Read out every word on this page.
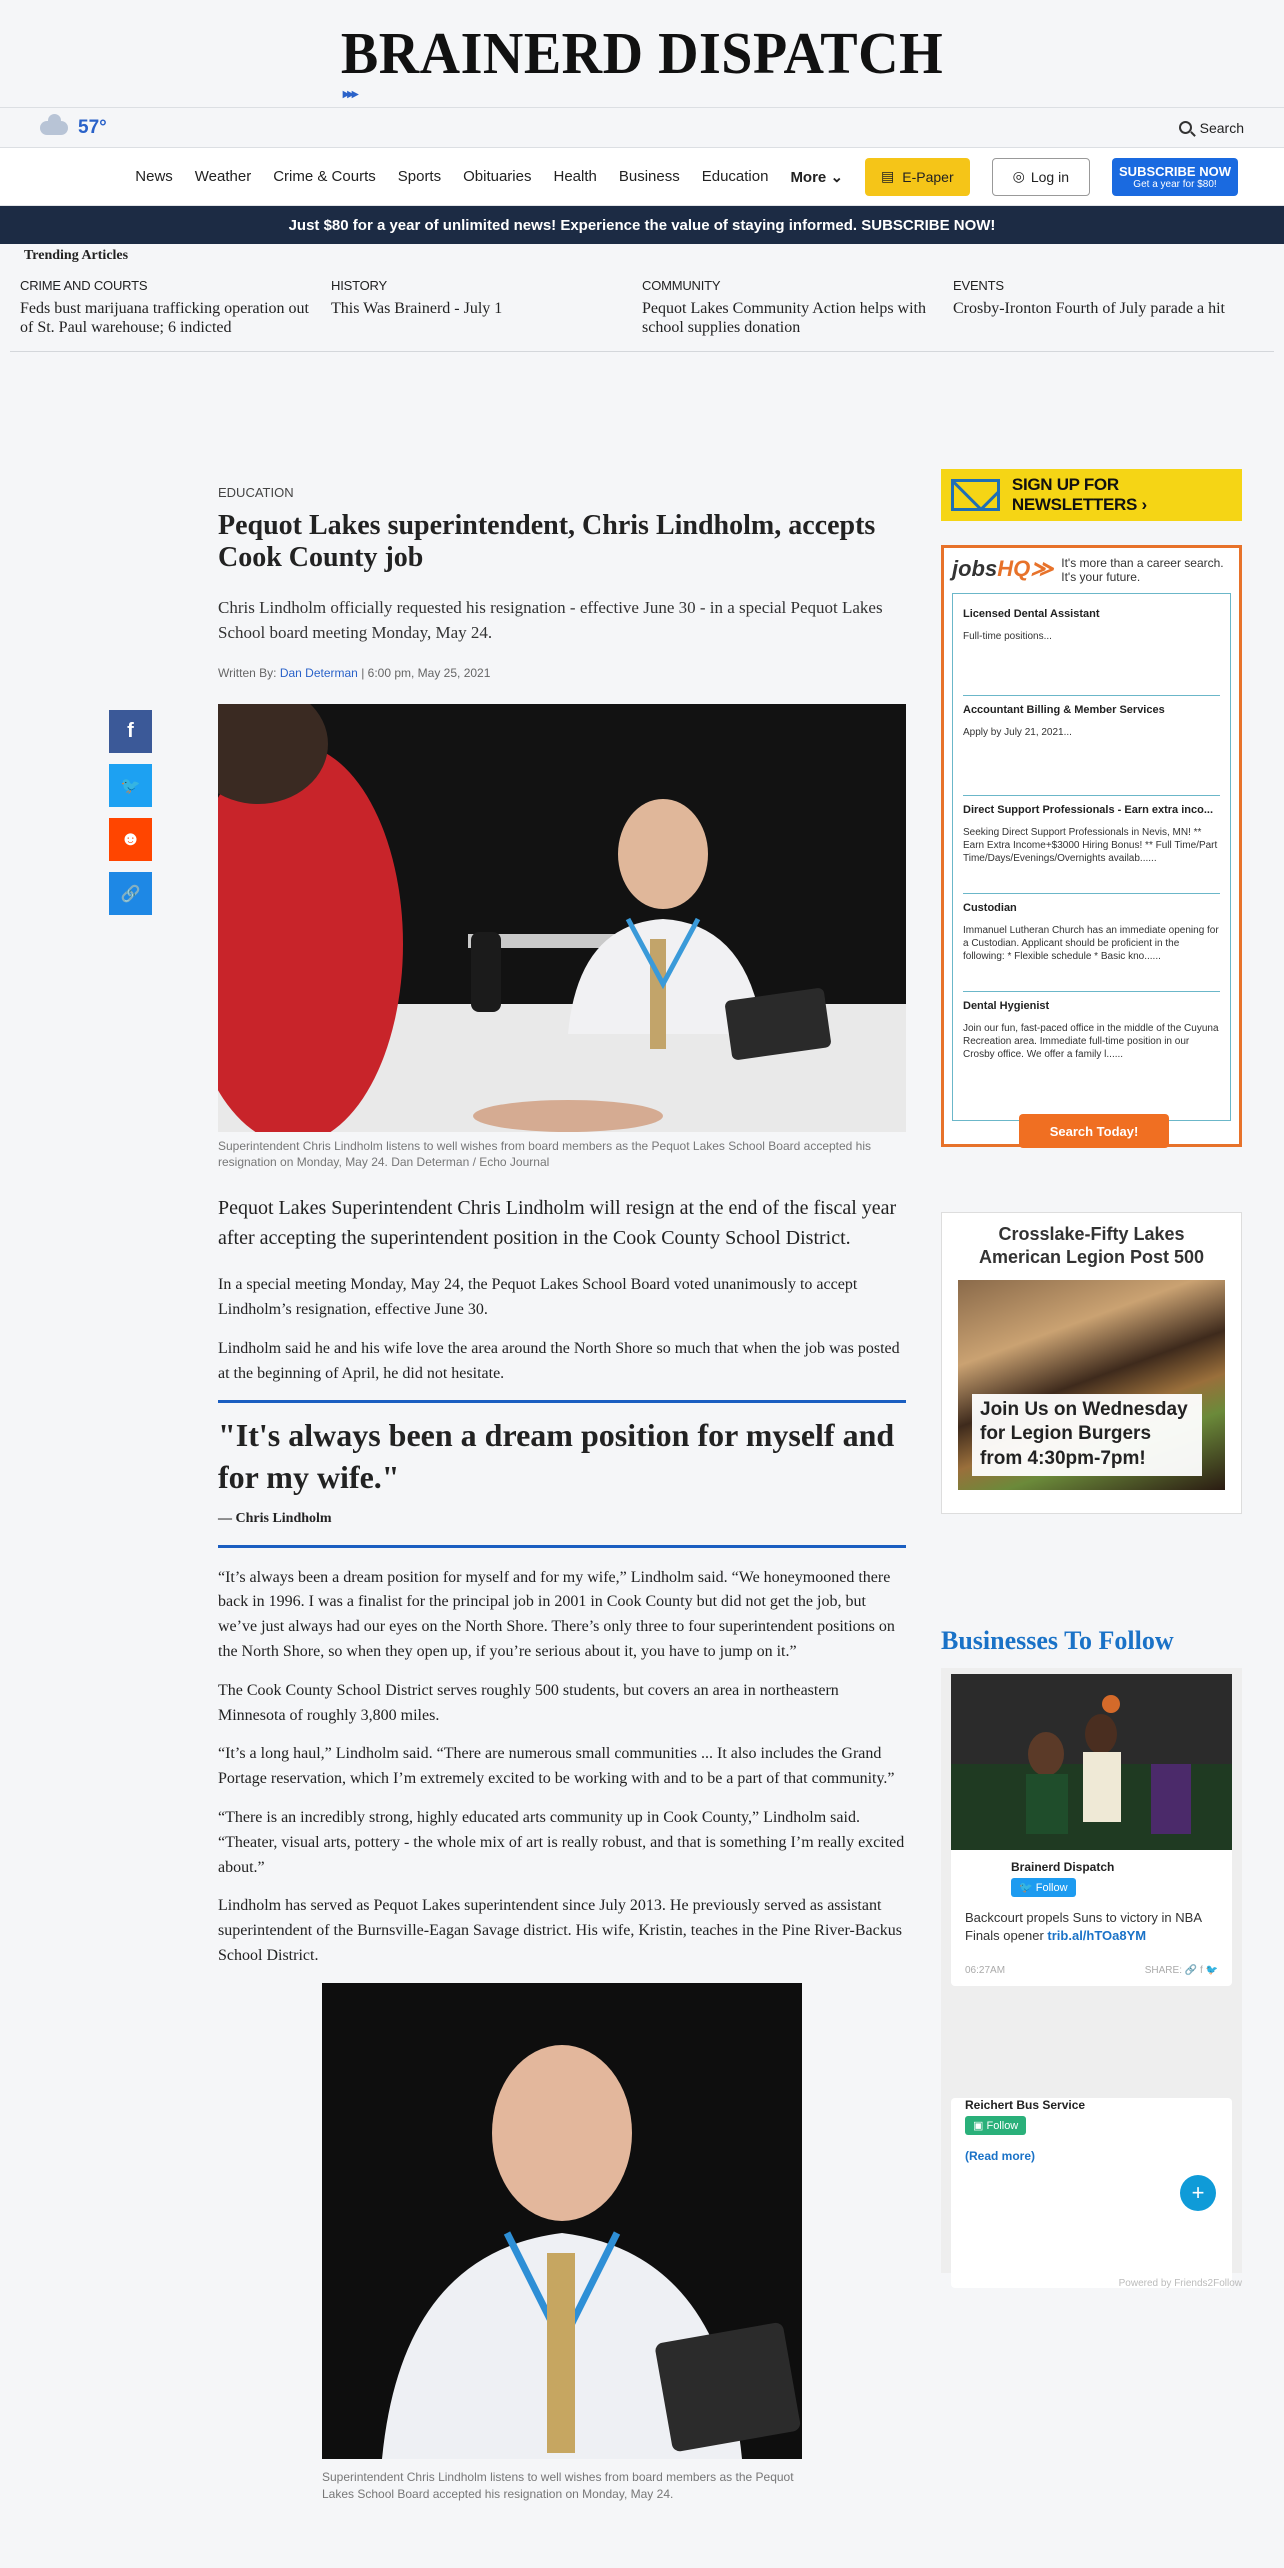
BRAINERD DISPATCH
▸▸▸
57°	Search
News Weather Crime & Courts Sports Obituaries Health Business Education More ⌄	▤ E-Paper	◎ Log in	SUBSCRIBE NOW
Get a year for $80!
Just $80 for a year of unlimited news! Experience the value of staying informed. SUBSCRIBE NOW!
Trending Articles
CRIME AND COURTS
Feds bust marijuana trafficking operation out of St. Paul warehouse; 6 indicted
HISTORY
This Was Brainerd - July 1
COMMUNITY
Pequot Lakes Community Action helps with school supplies donation
EVENTS
Crosby-Ironton Fourth of July parade a hit
f
🐦
☻
🔗
EDUCATION
Pequot Lakes superintendent, Chris Lindholm, accepts Cook County job

Chris Lindholm officially requested his resignation - effective June 30 - in a special Pequot Lakes School board meeting Monday, May 24.

Written By: Dan Determan | 6:00 pm, May 25, 2021

Superintendent Chris Lindholm listens to well wishes from board members as the Pequot Lakes School Board accepted his resignation on Monday, May 24. Dan Determan / Echo Journal

Pequot Lakes Superintendent Chris Lindholm will resign at the end of the fiscal year after accepting the superintendent position in the Cook County School District.

In a special meeting Monday, May 24, the Pequot Lakes School Board voted unanimously to accept Lindholm’s resignation, effective June 30.

Lindholm said he and his wife love the area around the North Shore so much that when the job was posted at the beginning of April, he did not hesitate.

"It's always been a dream position for myself and for my wife."
— Chris Lindholm

“It’s always been a dream position for myself and for my wife,” Lindholm said. “We honeymooned there back in 1996. I was a finalist for the principal job in 2001 in Cook County but did not get the job, but we’ve just always had our eyes on the North Shore. There’s only three to four superintendent positions on the North Shore, so when they open up, if you’re serious about it, you have to jump on it.”

The Cook County School District serves roughly 500 students, but covers an area in northeastern Minnesota of roughly 3,800 miles.

“It’s a long haul,” Lindholm said. “There are numerous small communities ... It also includes the Grand Portage reservation, which I’m extremely excited to be working with and to be a part of that community.”

“There is an incredibly strong, highly educated arts community up in Cook County,” Lindholm said. “Theater, visual arts, pottery - the whole mix of art is really robust, and that is something I’m really excited about.”

Lindholm has served as Pequot Lakes superintendent since July 2013. He previously served as assistant superintendent of the Burnsville-Eagan Savage district. His wife, Kristin, teaches in the Pine River-Backus School District.

Superintendent Chris Lindholm listens to well wishes from board members as the Pequot Lakes School Board accepted his resignation on Monday, May 24.

SIGN UP FOR NEWSLETTERS ›
jobsHQ≫ It's more than a career search. It's your future.
Licensed Dental Assistant
Full-time positions...
Accountant Billing & Member Services
Apply by July 21, 2021...
Direct Support Professionals - Earn extra inco...
Seeking Direct Support Professionals in Nevis, MN! ** Earn Extra Income+$3000 Hiring Bonus! ** Full Time/Part Time/Days/Evenings/Overnights availab......
Custodian
Immanuel Lutheran Church has an immediate opening for a Custodian. Applicant should be proficient in the following: * Flexible schedule * Basic kno......
Dental Hygienist
Join our fun, fast-paced office in the middle of the Cuyuna Recreation area. Immediate full-time position in our Crosby office. We offer a family l......
Search Today!
Crosslake-Fifty Lakes American Legion Post 500
Join Us on Wednesday for Legion Burgers from 4:30pm-7pm!
Businesses To Follow
Brainerd Dispatch
🐦 Follow
Backcourt propels Suns to victory in NBA Finals opener trib.al/hTOa8YM
06:27AM	SHARE: 🔗 f 🐦
Reichert Bus Service
▣ Follow
(Read more)
+
Powered by Friends2Follow
